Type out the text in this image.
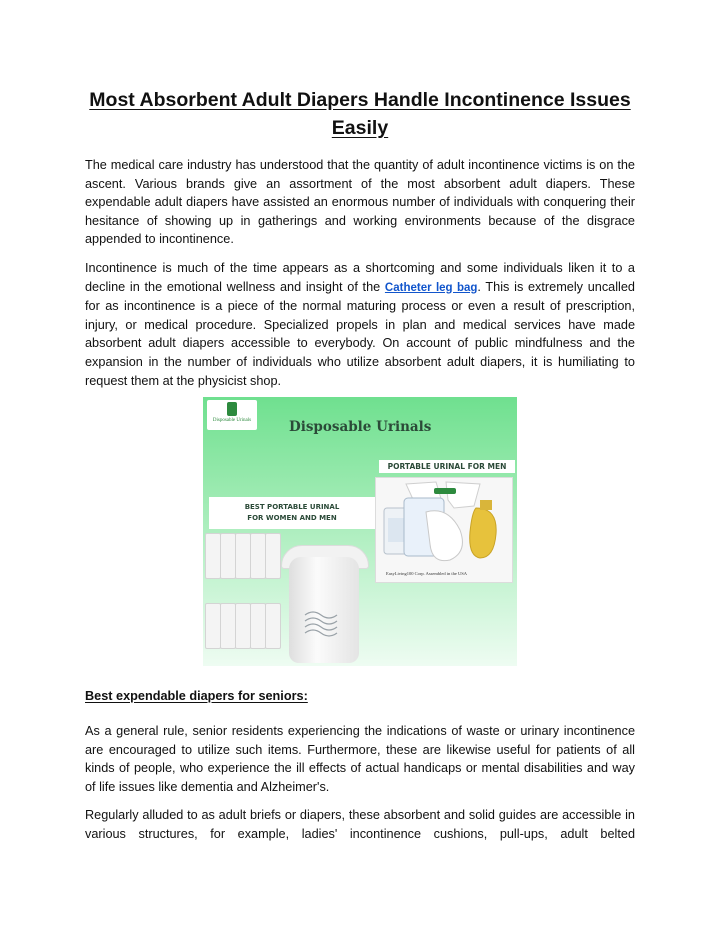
Most Absorbent Adult Diapers Handle Incontinence Issues Easily

The medical care industry has understood that the quantity of adult incontinence victims is on the ascent. Various brands give an assortment of the most absorbent adult diapers. These expendable adult diapers have assisted an enormous number of individuals with conquering their hesitance of showing up in gatherings and working environments because of the disgrace appended to incontinence.

Incontinence is much of the time appears as a shortcoming and some individuals liken it to a decline in the emotional wellness and insight of the Catheter leg bag. This is extremely uncalled for as incontinence is a piece of the normal maturing process or even a result of prescription, injury, or medical procedure. Specialized propels in plan and medical services have made absorbent adult diapers accessible to everybody. On account of public mindfulness and the expansion in the number of individuals who utilize absorbent adult diapers, it is humiliating to request them at the physicist shop.

Disposable Urinals	Disposable Urinals
PORTABLE URINAL FOR MEN
EasyLiving100 Corp. Assembled in the USA
BEST PORTABLE URINAL
FOR WOMEN AND MEN
Best expendable diapers for seniors:

As a general rule, senior residents experiencing the indications of waste or urinary incontinence are encouraged to utilize such items. Furthermore, these are likewise useful for patients of all kinds of people, who experience the ill effects of actual handicaps or mental disabilities and way of life issues like dementia and Alzheimer's.

Regularly alluded to as adult briefs or diapers, these absorbent and solid guides are accessible in various structures, for example, ladies' incontinence cushions, pull-ups, adult belted
